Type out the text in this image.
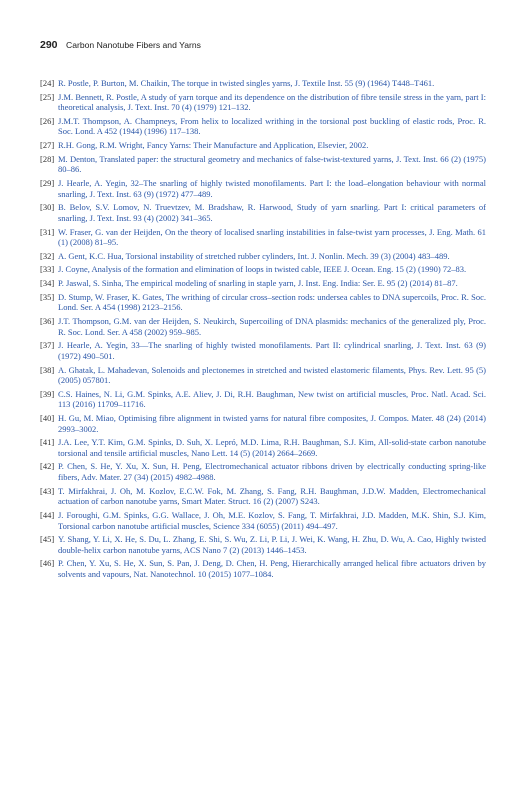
290 Carbon Nanotube Fibers and Yarns
[24] R. Postle, P. Burton, M. Chaikin, The torque in twisted singles yarns, J. Textile Inst. 55 (9) (1964) T448–T461.
[25] J.M. Bennett, R. Postle, A study of yarn torque and its dependence on the distribution of fibre tensile stress in the yarn, part I: theoretical analysis, J. Text. Inst. 70 (4) (1979) 121–132.
[26] J.M.T. Thompson, A. Champneys, From helix to localized writhing in the torsional post buckling of elastic rods, Proc. R. Soc. Lond. A 452 (1944) (1996) 117–138.
[27] R.H. Gong, R.M. Wright, Fancy Yarns: Their Manufacture and Application, Elsevier, 2002.
[28] M. Denton, Translated paper: the structural geometry and mechanics of false-twist-textured yarns, J. Text. Inst. 66 (2) (1975) 80–86.
[29] J. Hearle, A. Yegin, 32–The snarling of highly twisted monofilaments. Part I: the load–elongation behaviour with normal snarling, J. Text. Inst. 63 (9) (1972) 477–489.
[30] B. Belov, S.V. Lomov, N. Truevtzev, M. Bradshaw, R. Harwood, Study of yarn snarling. Part I: critical parameters of snarling, J. Text. Inst. 93 (4) (2002) 341–365.
[31] W. Fraser, G. van der Heijden, On the theory of localised snarling instabilities in false-twist yarn processes, J. Eng. Math. 61 (1) (2008) 81–95.
[32] A. Gent, K.C. Hua, Torsional instability of stretched rubber cylinders, Int. J. Nonlin. Mech. 39 (3) (2004) 483–489.
[33] J. Coyne, Analysis of the formation and elimination of loops in twisted cable, IEEE J. Ocean. Eng. 15 (2) (1990) 72–83.
[34] P. Jaswal, S. Sinha, The empirical modeling of snarling in staple yarn, J. Inst. Eng. India: Ser. E. 95 (2) (2014) 81–87.
[35] D. Stump, W. Fraser, K. Gates, The writhing of circular cross–section rods: undersea cables to DNA supercoils, Proc. R. Soc. Lond. Ser. A 454 (1998) 2123–2156.
[36] J.T. Thompson, G.M. van der Heijden, S. Neukirch, Supercoiling of DNA plasmids: mechanics of the generalized ply, Proc. R. Soc. Lond. Ser. A 458 (2002) 959–985.
[37] J. Hearle, A. Yegin, 33—The snarling of highly twisted monofilaments. Part II: cylindrical snarling, J. Text. Inst. 63 (9) (1972) 490–501.
[38] A. Ghatak, L. Mahadevan, Solenoids and plectonemes in stretched and twisted elastomeric filaments, Phys. Rev. Lett. 95 (5) (2005) 057801.
[39] C.S. Haines, N. Li, G.M. Spinks, A.E. Aliev, J. Di, R.H. Baughman, New twist on artificial muscles, Proc. Natl. Acad. Sci. 113 (2016) 11709–11716.
[40] H. Gu, M. Miao, Optimising fibre alignment in twisted yarns for natural fibre composites, J. Compos. Mater. 48 (24) (2014) 2993–3002.
[41] J.A. Lee, Y.T. Kim, G.M. Spinks, D. Suh, X. Lepró, M.D. Lima, R.H. Baughman, S.J. Kim, All-solid-state carbon nanotube torsional and tensile artificial muscles, Nano Lett. 14 (5) (2014) 2664–2669.
[42] P. Chen, S. He, Y. Xu, X. Sun, H. Peng, Electromechanical actuator ribbons driven by electrically conducting spring-like fibers, Adv. Mater. 27 (34) (2015) 4982–4988.
[43] T. Mirfakhrai, J. Oh, M. Kozlov, E.C.W. Fok, M. Zhang, S. Fang, R.H. Baughman, J.D.W. Madden, Electromechanical actuation of carbon nanotube yarns, Smart Mater. Struct. 16 (2) (2007) S243.
[44] J. Foroughi, G.M. Spinks, G.G. Wallace, J. Oh, M.E. Kozlov, S. Fang, T. Mirfakhrai, J.D. Madden, M.K. Shin, S.J. Kim, Torsional carbon nanotube artificial muscles, Science 334 (6055) (2011) 494–497.
[45] Y. Shang, Y. Li, X. He, S. Du, L. Zhang, E. Shi, S. Wu, Z. Li, P. Li, J. Wei, K. Wang, H. Zhu, D. Wu, A. Cao, Highly twisted double-helix carbon nanotube yarns, ACS Nano 7 (2) (2013) 1446–1453.
[46] P. Chen, Y. Xu, S. He, X. Sun, S. Pan, J. Deng, D. Chen, H. Peng, Hierarchically arranged helical fibre actuators driven by solvents and vapours, Nat. Nanotechnol. 10 (2015) 1077–1084.
